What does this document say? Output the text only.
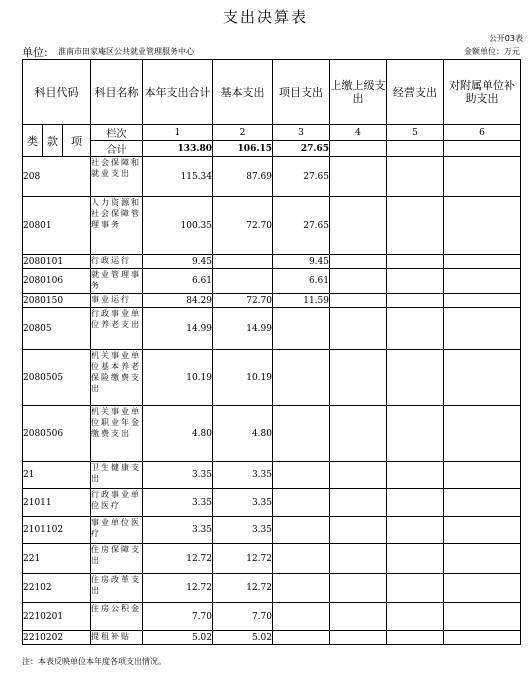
支出决算表
公开03表
单位: 淮南市田家庵区公共就业管理服务中心	金额单位：万元
科目代码			科目名称	本年支出合计	基本支出	项目支出	上缴上级支出	经营支出	对附属单位补助支出
类	款	项	栏次	1	2	3	4	5	6
			合计	133.80	106.15	27.65			
208			社会保障和就业支出	115.34	87.69	27.65			
20801			人力资源和社会保障管理事务	100.35	72.70	27.65			
2080101			行政运行	9.45		9.45			
2080106			就业管理事务	6.61		6.61			
2080150			事业运行	84.29	72.70	11.59			
20805			行政事业单位养老支出	14.99	14.99				
2080505			机关事业单位基本养老保险缴费支出	10.19	10.19				
2080506			机关事业单位职业年金缴费支出	4.80	4.80				
21			卫生健康支出	3.35	3.35				
21011			行政事业单位医疗	3.35	3.35				
2101102			事业单位医疗	3.35	3.35				
221			住房保障支出	12.72	12.72				
22102			住房改革支出	12.72	12.72				
2210201			住房公积金	7.70	7.70				
2210202			提租补贴	5.02	5.02				
注：本表反映单位本年度各项支出情况。
